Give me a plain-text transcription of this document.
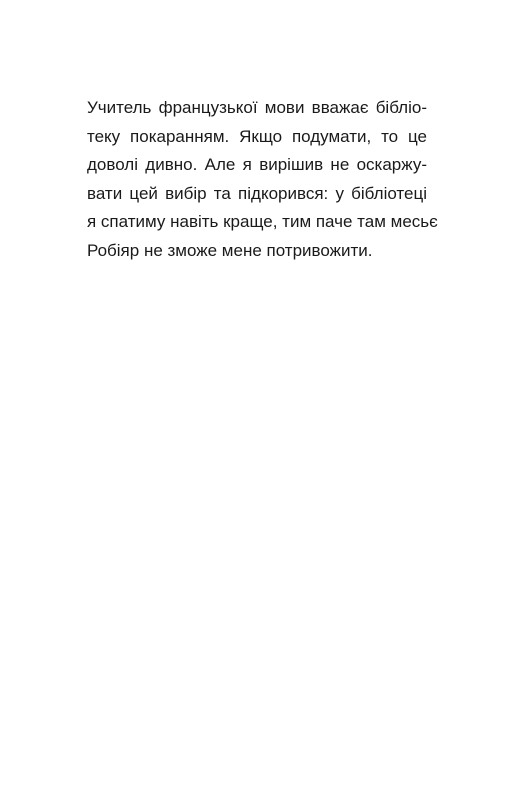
Учитель французької мови вважає бібліо-
теку покаранням. Якщо подумати, то це
доволі дивно. Але я вирішив не оскаржу-
вати цей вибір та підкорився: у бібліотеці
я спатиму навіть краще, тим паче там месьє
Робіяр не зможе мене потривожити.
